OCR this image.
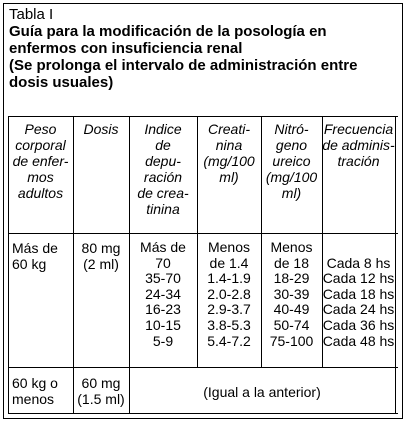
Tabla I
Guía para la modificación de la posología en
enfermos con insuficiencia renal
(Se prolonga el intervalo de administración entre
dosis usuales)
Peso
corporal
de enfer-
mos
adultos
Dosis	Indice
de
depu-
ración
de crea-
tinina
Creati-
nina
(mg/100
ml)
Nitró-
geno
ureico
(mg/100
ml)
Frecuencia
de adminis-
tración
Más de
60 kg
80 mg
(2 ml)
Más de
70
35-70
24-34
16-23
10-15
5-9
Menos
de 1.4
1.4-1.9
2.0-2.8
2.9-3.7
3.8-5.3
5.4-7.2
Menos
de 18
18-29
30-39
40-49
50-74
75-100

Cada 8 hs
Cada 12 hs
Cada 18 hs
Cada 24 hs
Cada 36 hs
Cada 48 hs
60 kg o
menos
60 mg
(1.5 ml)	(Igual a la anterior)
